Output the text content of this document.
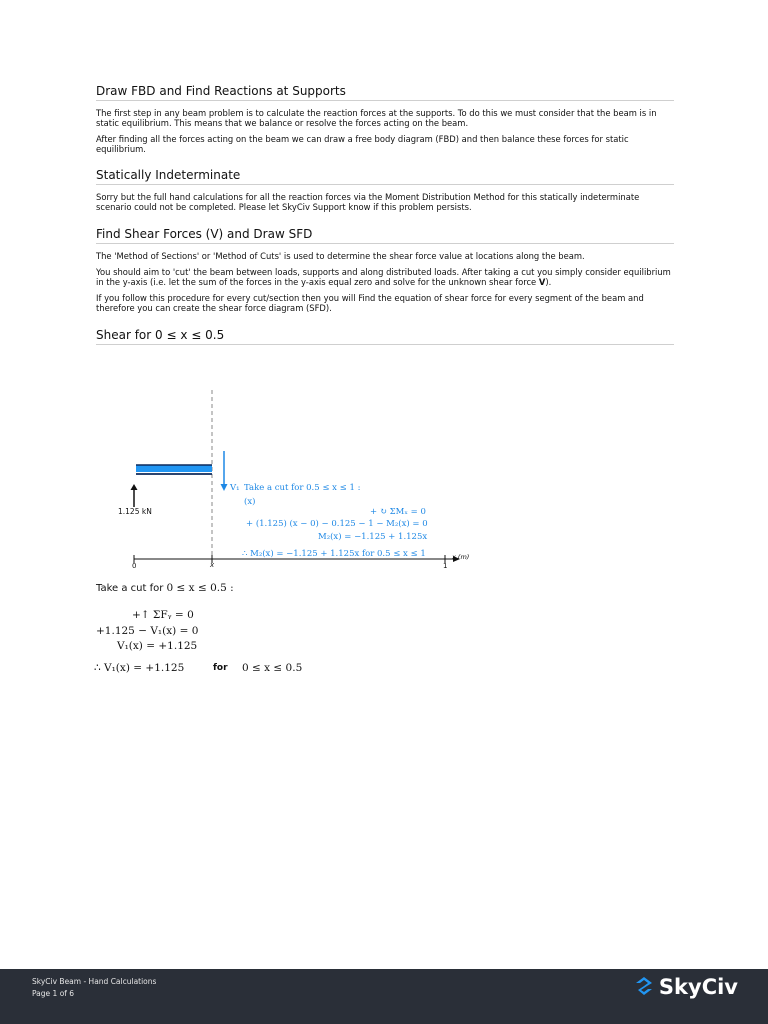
Draw FBD and Find Reactions at Supports

The first step in any beam problem is to calculate the reaction forces at the supports. To do this we must consider that the beam is in static equilibrium. This means that we balance or resolve the forces acting on the beam.

After finding all the forces acting on the beam we can draw a free body diagram (FBD) and then balance these forces for static equilibrium.

Statically Indeterminate

Sorry but the full hand calculations for all the reaction forces via the Moment Distribution Method for this statically indeterminate scenario could not be completed. Please let SkyCiv Support know if this problem persists.

Find Shear Forces (V) and Draw SFD

The 'Method of Sections' or 'Method of Cuts' is used to determine the shear force value at locations along the beam.

You should aim to 'cut' the beam between loads, supports and along distributed loads. After taking a cut you simply consider equilibrium in the y-axis (i.e. let the sum of the forces in the y-axis equal zero and solve for the unknown shear force V).

If you follow this procedure for every cut/section then you will Find the equation of shear force for every segment of the beam and therefore you can create the shear force diagram (SFD).

Shear for 0 ≤ x ≤ 0.5
1.125 kN
0	x	1
x (m)
V₁ Take a cut for 0.5 ≤ x ≤ 1 :
(x)
+ ↻ ΣMₓ = 0
+ (1.125) (x − 0) − 0.125 − 1 − M₂(x) = 0
M₂(x) = −1.125 + 1.125x
∴ M₂(x) = −1.125 + 1.125x for 0.5 ≤ x ≤ 1
Take a cut for 0 ≤ x ≤ 0.5 :
+↑ ΣFᵧ = 0
+1.125 − V₁(x) = 0
V₁(x) = +1.125
∴ V₁(x) = +1.125	for 0 ≤ x ≤ 0.5
SkyCiv Beam - Hand Calculations
Page 1 of 6	SkyCiv
